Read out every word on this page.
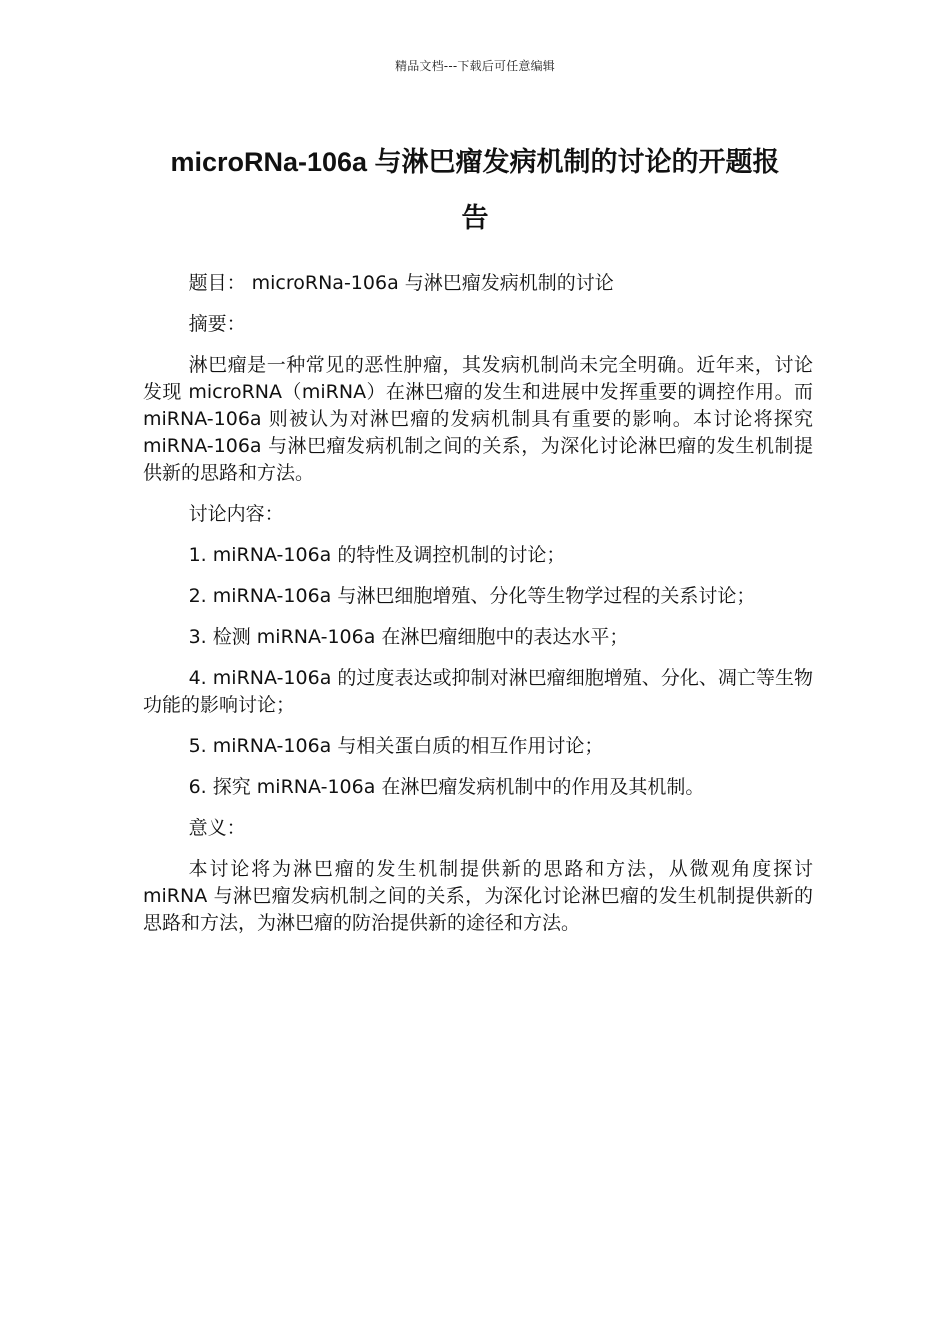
精品文档---下载后可任意编辑
microRNa-106a 与淋巴瘤发病机制的讨论的开题报
告

题目： microRNa-106a 与淋巴瘤发病机制的讨论

摘要：

淋巴瘤是一种常见的恶性肿瘤，其发病机制尚未完全明确。近年来，讨论发现 microRNA（miRNA）在淋巴瘤的发生和进展中发挥重要的调控作用。而 miRNA-106a 则被认为对淋巴瘤的发病机制具有重要的影响。本讨论将探究 miRNA-106a 与淋巴瘤发病机制之间的关系，为深化讨论淋巴瘤的发生机制提供新的思路和方法。

讨论内容：

1. miRNA-106a 的特性及调控机制的讨论；

2. miRNA-106a 与淋巴细胞增殖、分化等生物学过程的关系讨论；

3. 检测 miRNA-106a 在淋巴瘤细胞中的表达水平；

4. miRNA-106a 的过度表达或抑制对淋巴瘤细胞增殖、分化、凋亡等生物功能的影响讨论；

5. miRNA-106a 与相关蛋白质的相互作用讨论；

6. 探究 miRNA-106a 在淋巴瘤发病机制中的作用及其机制。

意义：

本讨论将为淋巴瘤的发生机制提供新的思路和方法，从微观角度探讨 miRNA 与淋巴瘤发病机制之间的关系，为深化讨论淋巴瘤的发生机制提供新的思路和方法，为淋巴瘤的防治提供新的途径和方法。
